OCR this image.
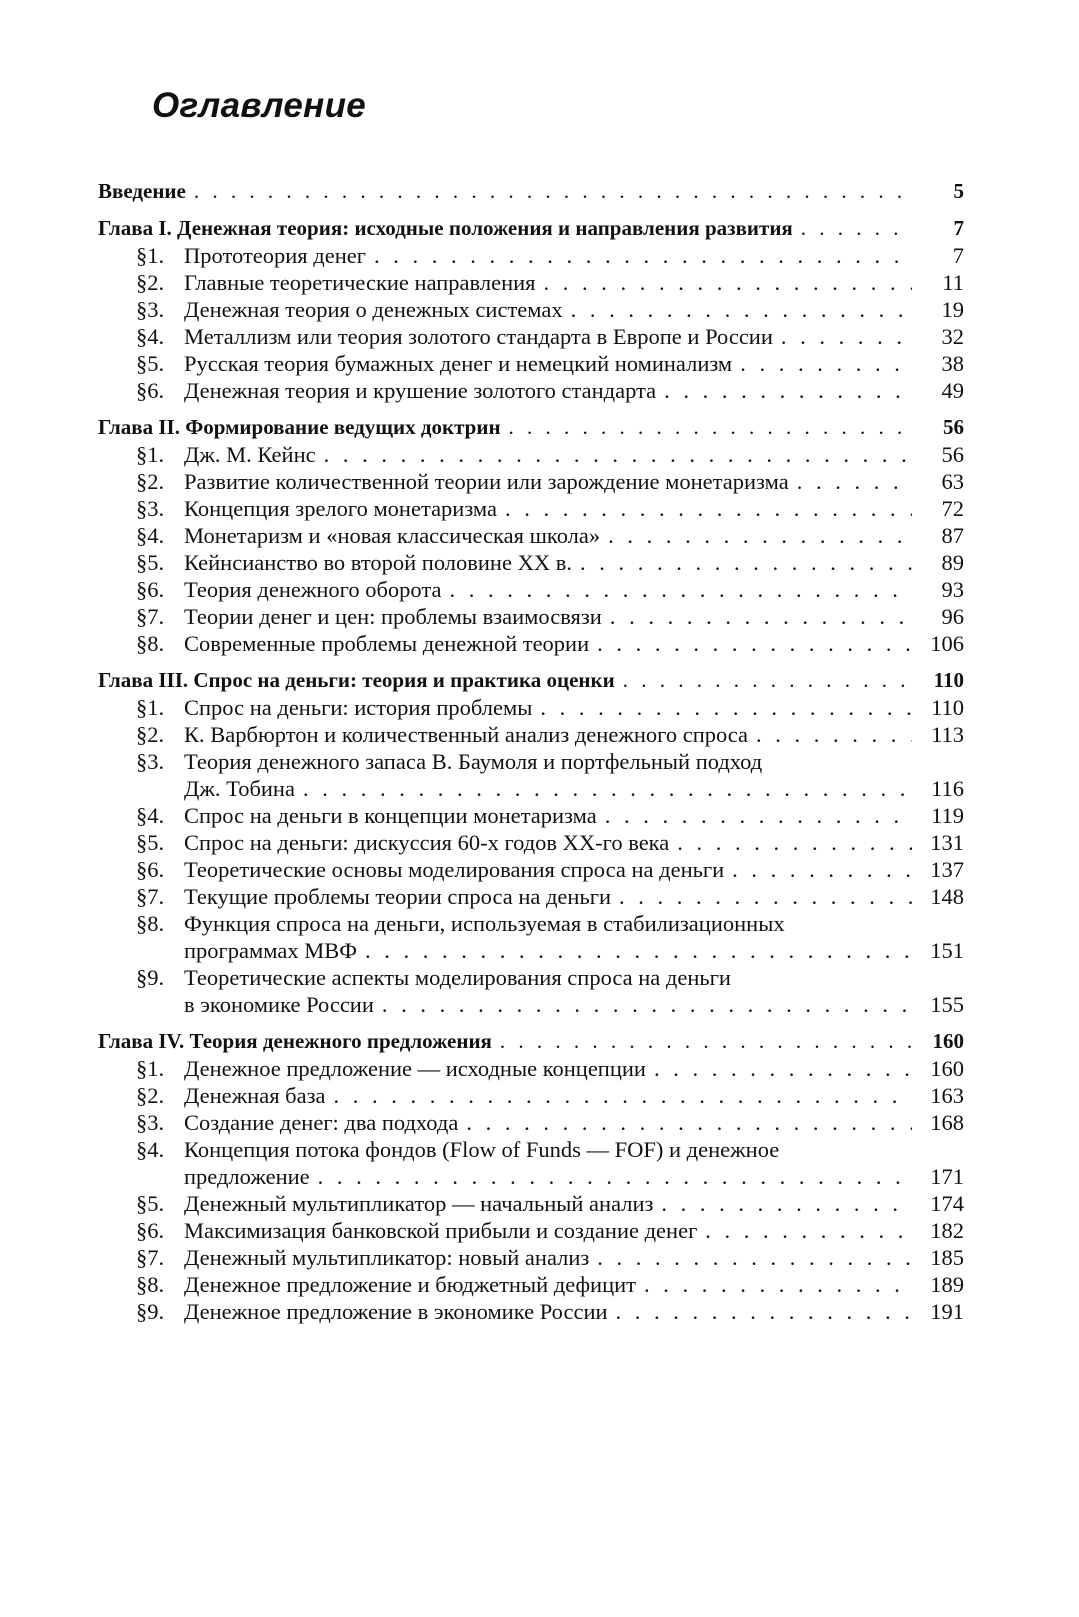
Оглавление
Введение . . .	5
Глава I. Денежная теория: исходные положения и направления развития . . .	7
§1. Прототеория денег . . .	7
§2. Главные теоретические направления . . .	11
§3. Денежная теория о денежных системах . . .	19
§4. Металлизм или теория золотого стандарта в Европе и России . . .	32
§5. Русская теория бумажных денег и немецкий номинализм . . .	38
§6. Денежная теория и крушение золотого стандарта . . .	49
Глава II. Формирование ведущих доктрин . . .	56
§1. Дж. М. Кейнс . . .	56
§2. Развитие количественной теории или зарождение монетаризма . . .	63
§3. Концепция зрелого монетаризма . . .	72
§4. Монетаризм и «новая классическая школа» . . .	87
§5. Кейнсианство во второй половине XX в. . . .	89
§6. Теория денежного оборота . . .	93
§7. Теории денег и цен: проблемы взаимосвязи . . .	96
§8. Современные проблемы денежной теории . . .	106
Глава III. Спрос на деньги: теория и практика оценки . . .	110
§1. Спрос на деньги: история проблемы . . .	110
§2. К. Варбюртон и количественный анализ денежного спроса . . .	113
§3. Теория денежного запаса В. Баумоля и портфельный подход
Дж. Тобина . . .	116
§4. Спрос на деньги в концепции монетаризма . . .	119
§5. Спрос на деньги: дискуссия 60-х годов XX-го века . . .	131
§6. Теоретические основы моделирования спроса на деньги . . .	137
§7. Текущие проблемы теории спроса на деньги . . .	148
§8. Функция спроса на деньги, используемая в стабилизационных
программах МВФ . . .	151
§9. Теоретические аспекты моделирования спроса на деньги
в экономике России . . .	155
Глава IV. Теория денежного предложения . . .	160
§1. Денежное предложение — исходные концепции . . .	160
§2. Денежная база . . .	163
§3. Создание денег: два подхода . . .	168
§4. Концепция потока фондов (Flow of Funds — FOF) и денежное
предложение . . .	171
§5. Денежный мультипликатор — начальный анализ . . .	174
§6. Максимизация банковской прибыли и создание денег . . .	182
§7. Денежный мультипликатор: новый анализ . . .	185
§8. Денежное предложение и бюджетный дефицит . . .	189
§9. Денежное предложение в экономике России . . .	191
